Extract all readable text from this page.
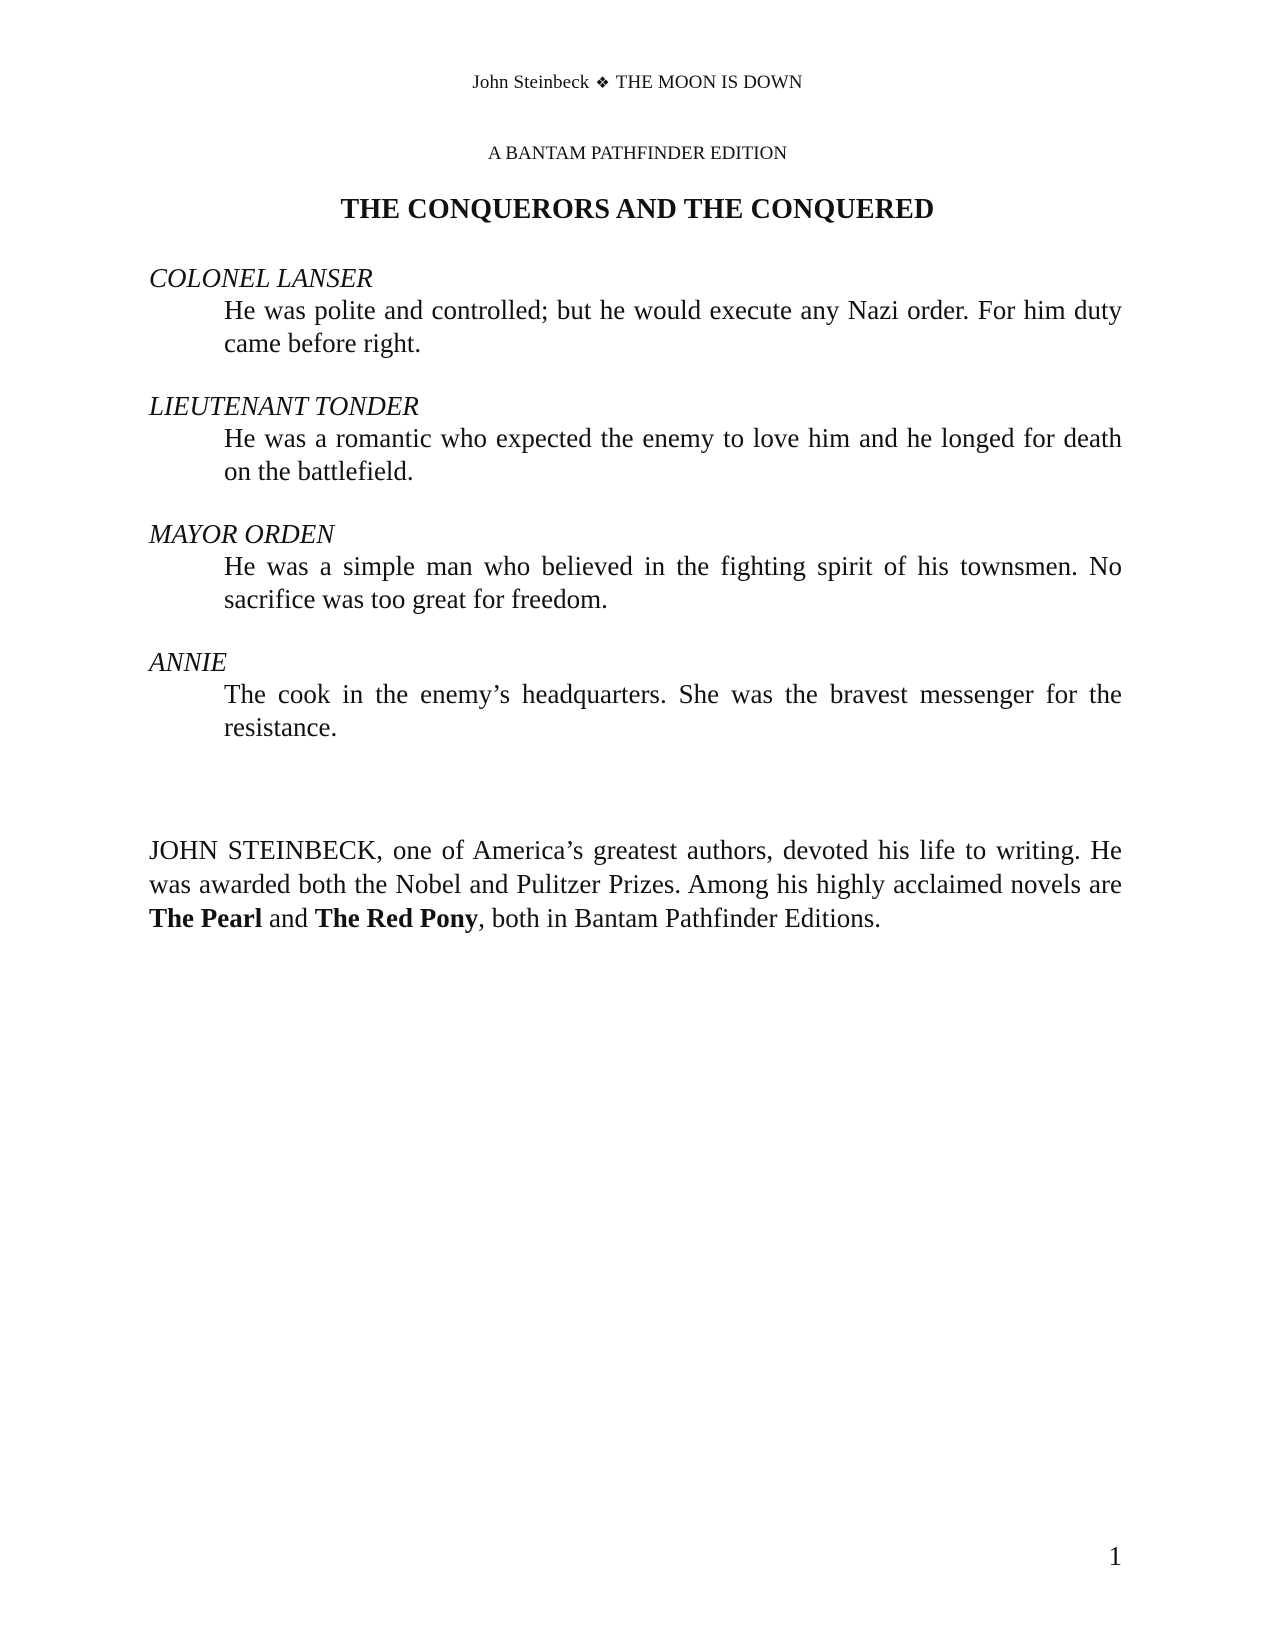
John Steinbeck ❖ THE MOON IS DOWN
A BANTAM PATHFINDER EDITION
THE CONQUERORS AND THE CONQUERED
COLONEL LANSER
He was polite and controlled; but he would execute any Nazi order. For him duty came before right.
LIEUTENANT TONDER
He was a romantic who expected the enemy to love him and he longed for death on the battlefield.
MAYOR ORDEN
He was a simple man who believed in the fighting spirit of his townsmen. No sacrifice was too great for freedom.
ANNIE
The cook in the enemy’s headquarters. She was the bravest messenger for the resistance.
JOHN STEINBECK, one of America’s greatest authors, devoted his life to writing. He was awarded both the Nobel and Pulitzer Prizes. Among his highly acclaimed novels are The Pearl and The Red Pony, both in Bantam Pathfinder Editions.
1
